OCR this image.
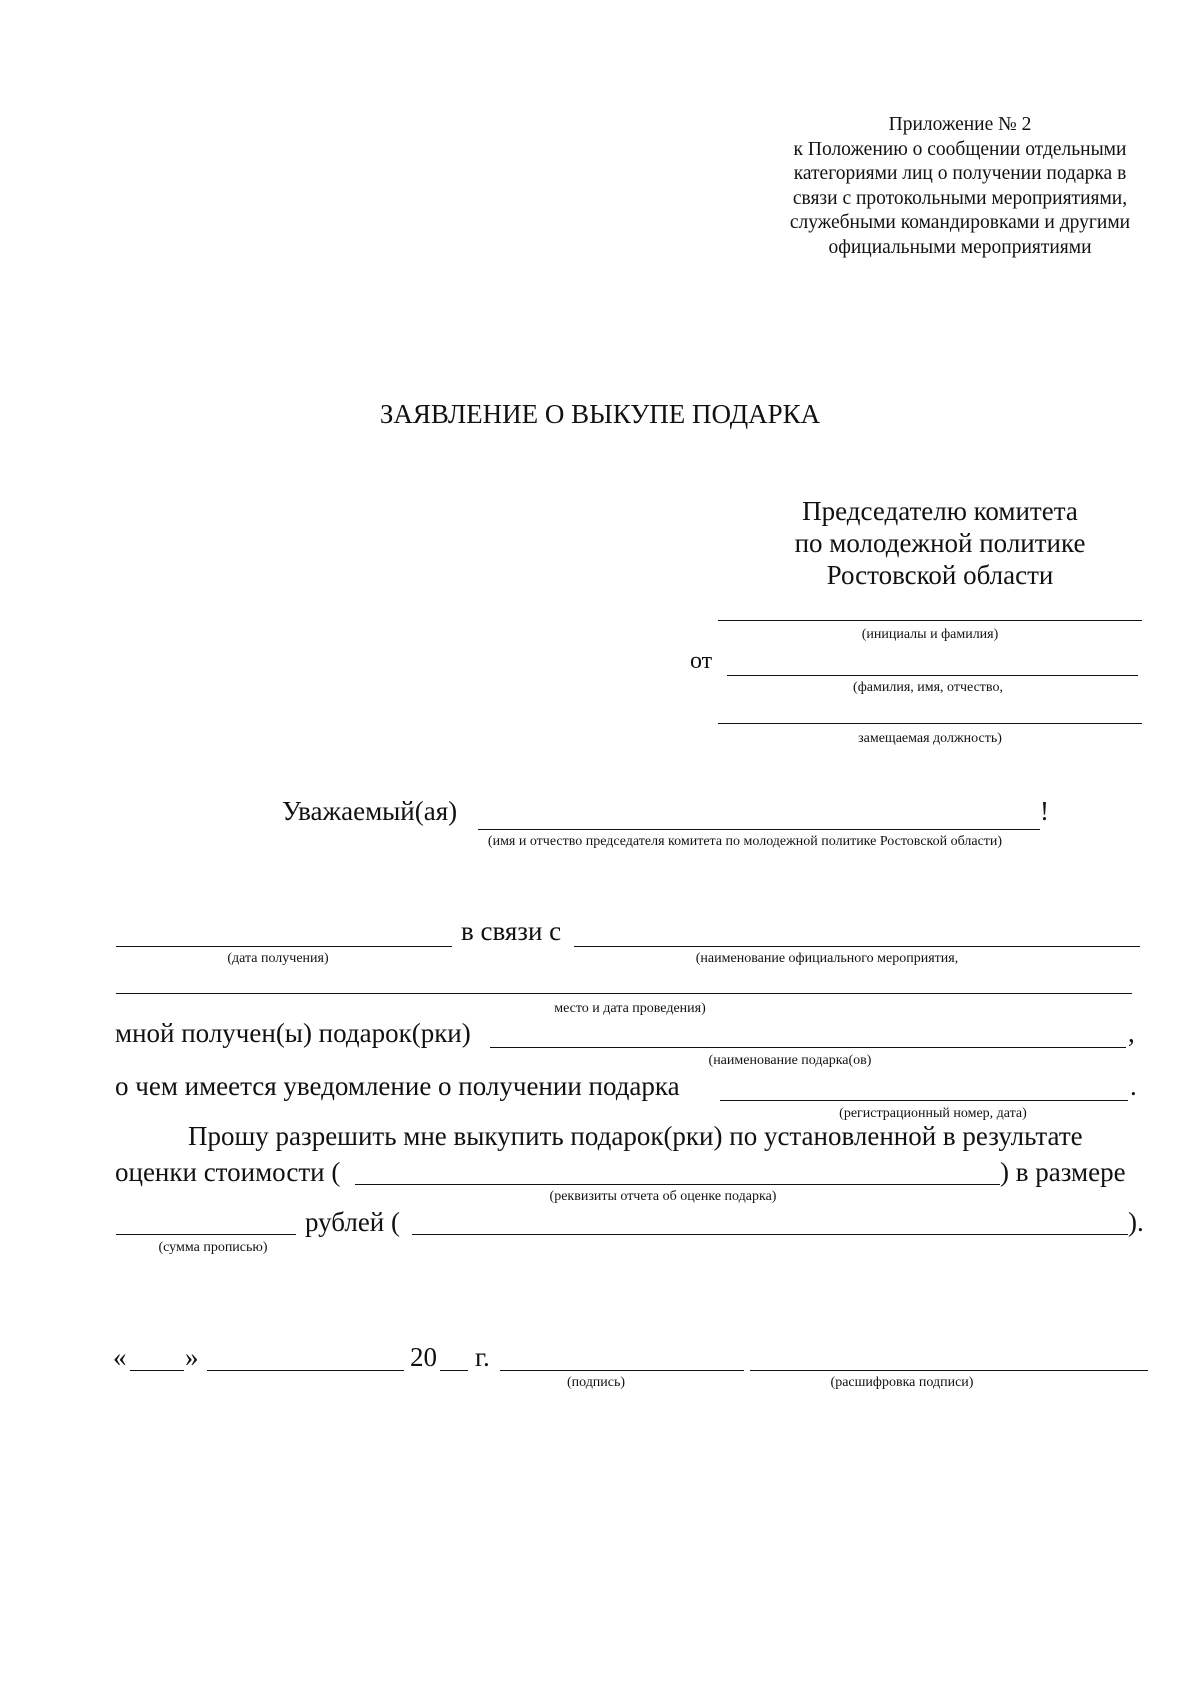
Приложение № 2
к Положению о сообщении отдельными
категориями лиц о получении подарка в
связи с протокольными мероприятиями,
служебными командировками и другими
официальными мероприятиями
ЗАЯВЛЕНИЕ О ВЫКУПЕ ПОДАРКА
Председателю комитета
по молодежной политике
Ростовской области
(инициалы и фамилия)
от
(фамилия, имя, отчество,
замещаемая должность)
Уважаемый(ая)	!
(имя и отчество председателя комитета по молодежной политике Ростовской области)
в связи с
(дата получения)	(наименование официального мероприятия,
место и дата проведения)
мной получен(ы) подарок(рки)	,
(наименование подарка(ов)
о чем имеется уведомление о получении подарка	.
(регистрационный номер, дата)
Прошу разрешить мне выкупить подарок(рки) по установленной в результате
оценки стоимости (	) в размере
(реквизиты отчета об оценке подарка)
рублей (	).
(сумма прописью)
« »	20 г.
(подпись)	(расшифровка подписи)
